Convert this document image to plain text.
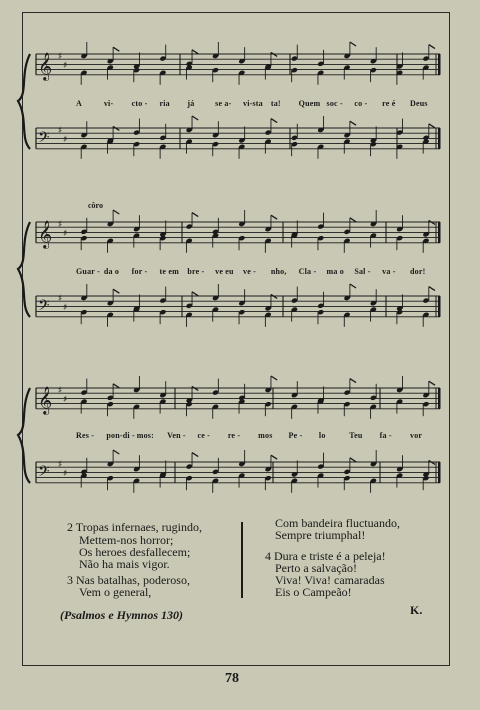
côro
𝄞 ♯
♯
𝄢 ♯
♯
A	vi- cto - ria já	se a- vi-sta ta! Quem soc - co - re é Deus
𝄞 ♯
♯
𝄢 ♯
♯
Guar - da o for - te em bre - ve eu ve - nho, Cla - ma o Sal - va - dor!
𝄞 ♯
♯
𝄢 ♯
♯
Res - pon-di - mos: Ven - ce - re - mos Pe - lo	Teu fa - vor
2 Tropas infernaes, rugindo,
Mettem-nos horror;
Os heroes desfallecem;
Não ha mais vigor.
3 Nas batalhas, poderoso,
Vem o general,
Com bandeira fluctuando,
Sempre triumphal!
4 Dura e triste é a peleja!
Perto a salvação!
Viva! Viva! camaradas
Eis o Campeão!
(Psalmos e Hymnos 130)	K.
78
